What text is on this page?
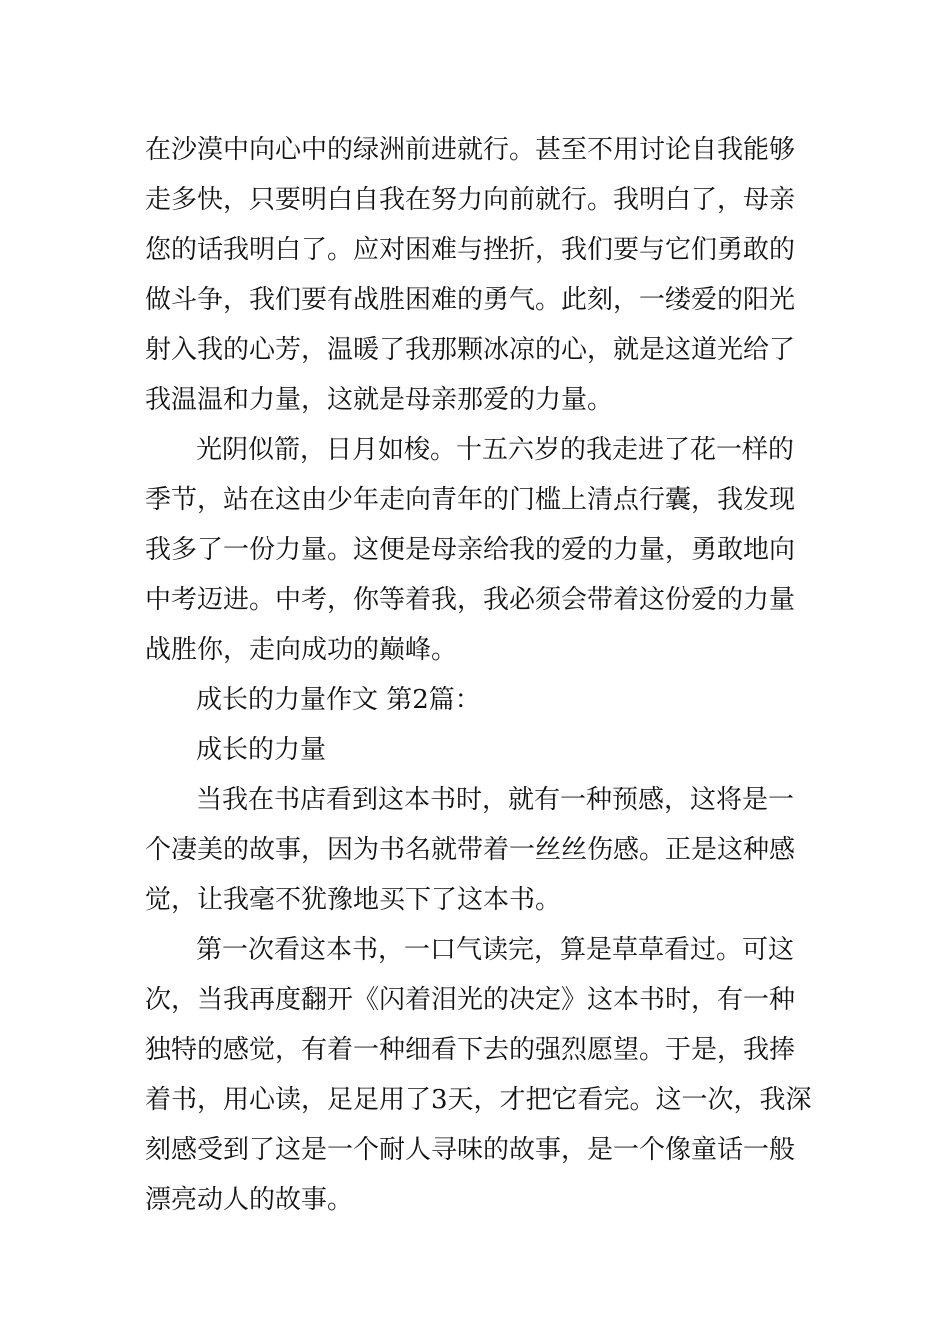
在沙漠中向心中的绿洲前进就行。甚至不用讨论自我能够
走多快，只要明白自我在努力向前就行。我明白了，母亲
您的话我明白了。应对困难与挫折，我们要与它们勇敢的
做斗争，我们要有战胜困难的勇气。此刻，一缕爱的阳光
射入我的心芳，温暖了我那颗冰凉的心，就是这道光给了
我温温和力量，这就是母亲那爱的力量。
光阴似箭，日月如梭。十五六岁的我走进了花一样的
季节，站在这由少年走向青年的门槛上清点行囊，我发现
我多了一份力量。这便是母亲给我的爱的力量，勇敢地向
中考迈进。中考，你等着我，我必须会带着这份爱的力量
战胜你，走向成功的巅峰。
成长的力量作文 第2篇：
成长的力量
当我在书店看到这本书时，就有一种预感，这将是一
个凄美的故事，因为书名就带着一丝丝伤感。正是这种感
觉，让我毫不犹豫地买下了这本书。
第一次看这本书，一口气读完，算是草草看过。可这
次，当我再度翻开《闪着泪光的决定》这本书时，有一种
独特的感觉，有着一种细看下去的强烈愿望。于是，我捧
着书，用心读，足足用了3天，才把它看完。这一次，我深
刻感受到了这是一个耐人寻味的故事，是一个像童话一般
漂亮动人的故事。
